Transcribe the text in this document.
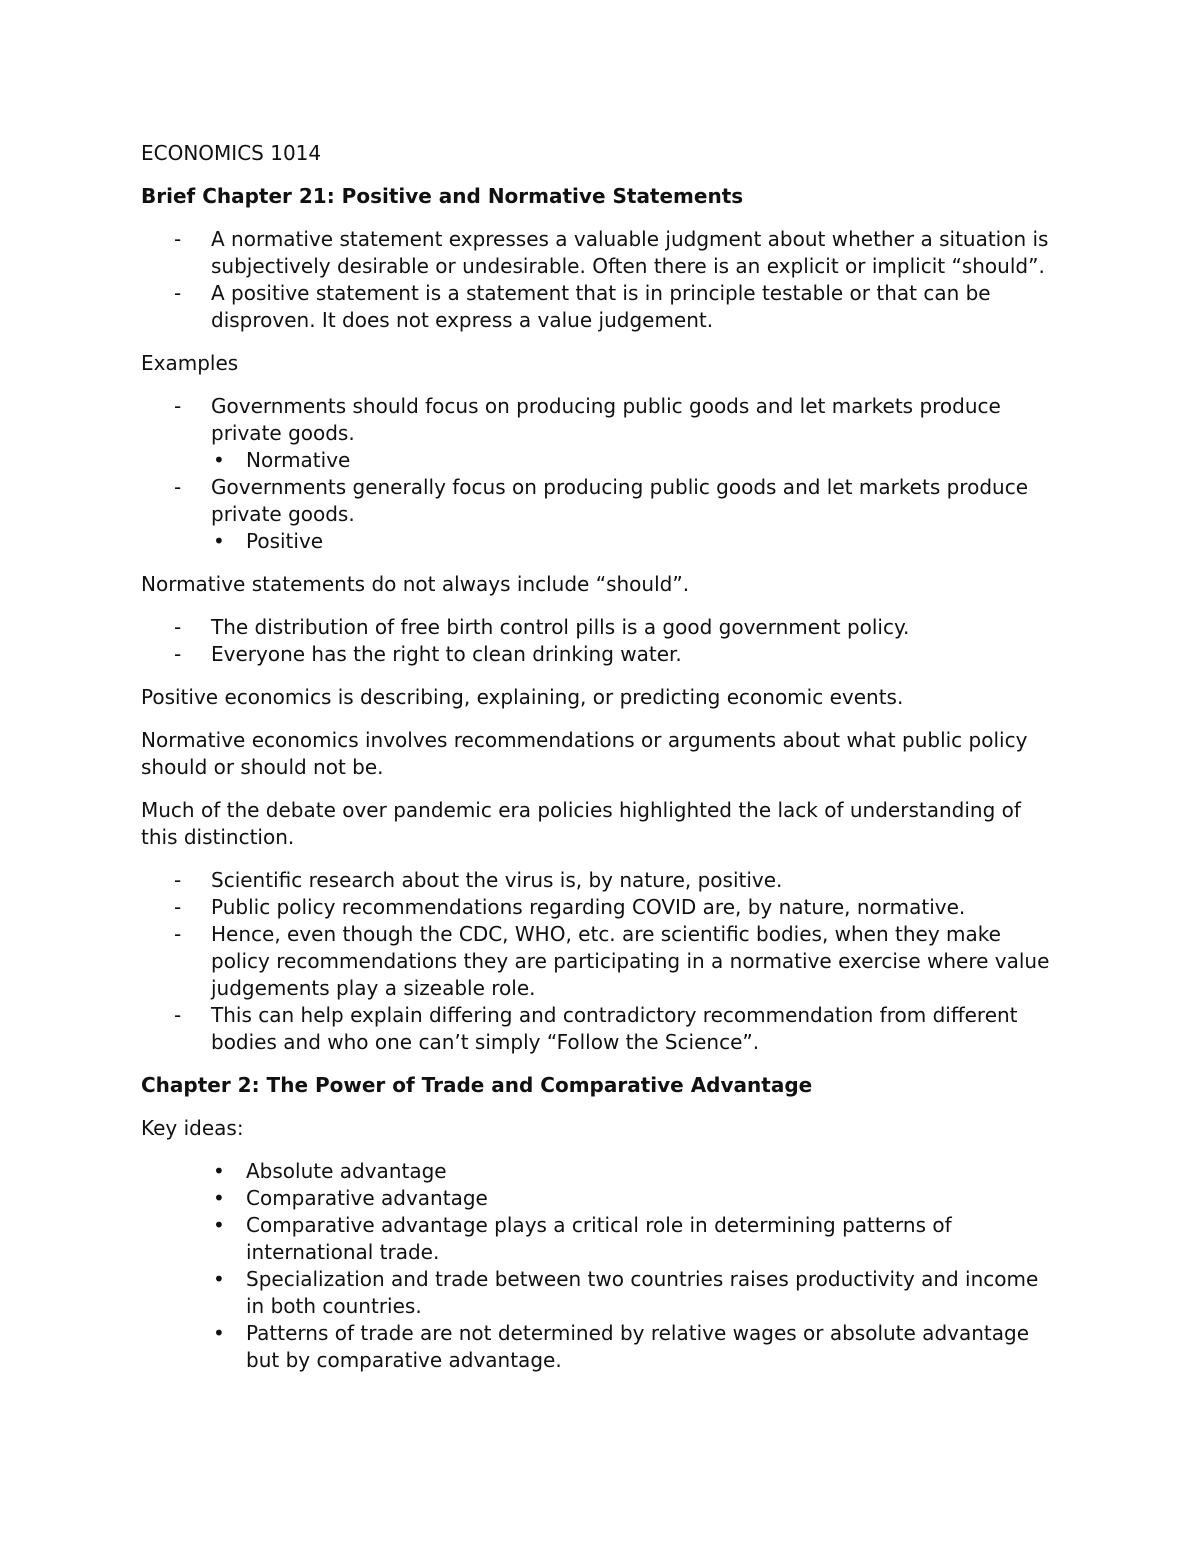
ECONOMICS 1014
Brief Chapter 21: Positive and Normative Statements
- A normative statement expresses a valuable judgment about whether a situation is subjectively desirable or undesirable. Often there is an explicit or implicit “should”.
- A positive statement is a statement that is in principle testable or that can be disproven. It does not express a value judgement.

Examples

- Governments should focus on producing public goods and let markets produce private goods.
• Normative
- Governments generally focus on producing public goods and let markets produce private goods.
• Positive

Normative statements do not always include “should”.

- The distribution of free birth control pills is a good government policy.
- Everyone has the right to clean drinking water.

Positive economics is describing, explaining, or predicting economic events.

Normative economics involves recommendations or arguments about what public policy should or should not be.

Much of the debate over pandemic era policies highlighted the lack of understanding of this distinction.

- Scientific research about the virus is, by nature, positive.
- Public policy recommendations regarding COVID are, by nature, normative.
- Hence, even though the CDC, WHO, etc. are scientific bodies, when they make policy recommendations they are participating in a normative exercise where value judgements play a sizeable role.
- This can help explain differing and contradictory recommendation from different bodies and who one can’t simply “Follow the Science”.
Chapter 2: The Power of Trade and Comparative Advantage

Key ideas:

• Absolute advantage
• Comparative advantage
• Comparative advantage plays a critical role in determining patterns of international trade.
• Specialization and trade between two countries raises productivity and income in both countries.
• Patterns of trade are not determined by relative wages or absolute advantage but by comparative advantage.
